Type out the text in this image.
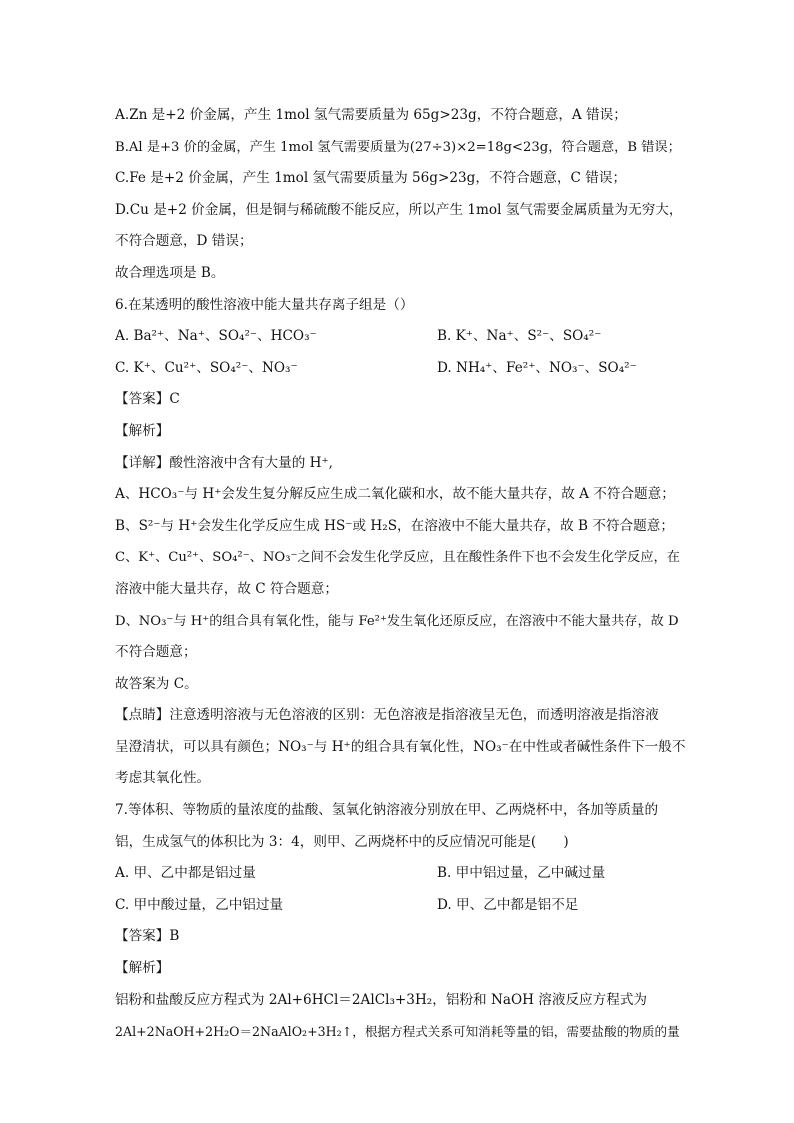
A.Zn 是+2 价金属，产生 1mol 氢气需要质量为 65g>23g，不符合题意，A 错误；
B.Al 是+3 价的金属，产生 1mol 氢气需要质量为(27÷3)×2=18g<23g，符合题意，B 错误；
C.Fe 是+2 价金属，产生 1mol 氢气需要质量为 56g>23g，不符合题意，C 错误；
D.Cu 是+2 价金属，但是铜与稀硫酸不能反应，所以产生 1mol 氢气需要金属质量为无穷大，
不符合题意，D 错误；
故合理选项是 B。
6.在某透明的酸性溶液中能大量共存离子组是（）
A. Ba²⁺、Na⁺、SO₄²⁻、HCO₃⁻	B. K⁺、Na⁺、S²⁻、SO₄²⁻
C. K⁺、Cu²⁺、SO₄²⁻、NO₃⁻	D. NH₄⁺、Fe²⁺、NO₃⁻、SO₄²⁻
【答案】C
【解析】
【详解】酸性溶液中含有大量的 H⁺,
A、HCO₃⁻与 H⁺会发生复分解反应生成二氧化碳和水，故不能大量共存，故 A 不符合题意；
B、S²⁻与 H⁺会发生化学反应生成 HS⁻或 H₂S，在溶液中不能大量共存，故 B 不符合题意；
C、K⁺、Cu²⁺、SO₄²⁻、NO₃⁻之间不会发生化学反应，且在酸性条件下也不会发生化学反应，在
溶液中能大量共存，故 C 符合题意；
D、NO₃⁻与 H⁺的组合具有氧化性，能与 Fe²⁺发生氧化还原反应，在溶液中不能大量共存，故 D
不符合题意；
故答案为 C。
【点睛】注意透明溶液与无色溶液的区别：无色溶液是指溶液呈无色，而透明溶液是指溶液
呈澄清状，可以具有颜色；NO₃⁻与 H⁺的组合具有氧化性，NO₃⁻在中性或者碱性条件下一般不
考虑其氧化性。
7.等体积、等物质的量浓度的盐酸、氢氧化钠溶液分别放在甲、乙两烧杯中，各加等质量的
铝，生成氢气的体积比为 3：4，则甲、乙两烧杯中的反应情况可能是(　　)
A. 甲、乙中都是铝过量	B. 甲中铝过量，乙中碱过量
C. 甲中酸过量，乙中铝过量	D. 甲、乙中都是铝不足
【答案】B
【解析】
铝粉和盐酸反应方程式为 2Al+6HCl＝2AlCl₃+3H₂，铝粉和 NaOH 溶液反应方程式为
2Al+2NaOH+2H₂O＝2NaAlO₂+3H₂↑，根据方程式关系可知消耗等量的铝，需要盐酸的物质的量
